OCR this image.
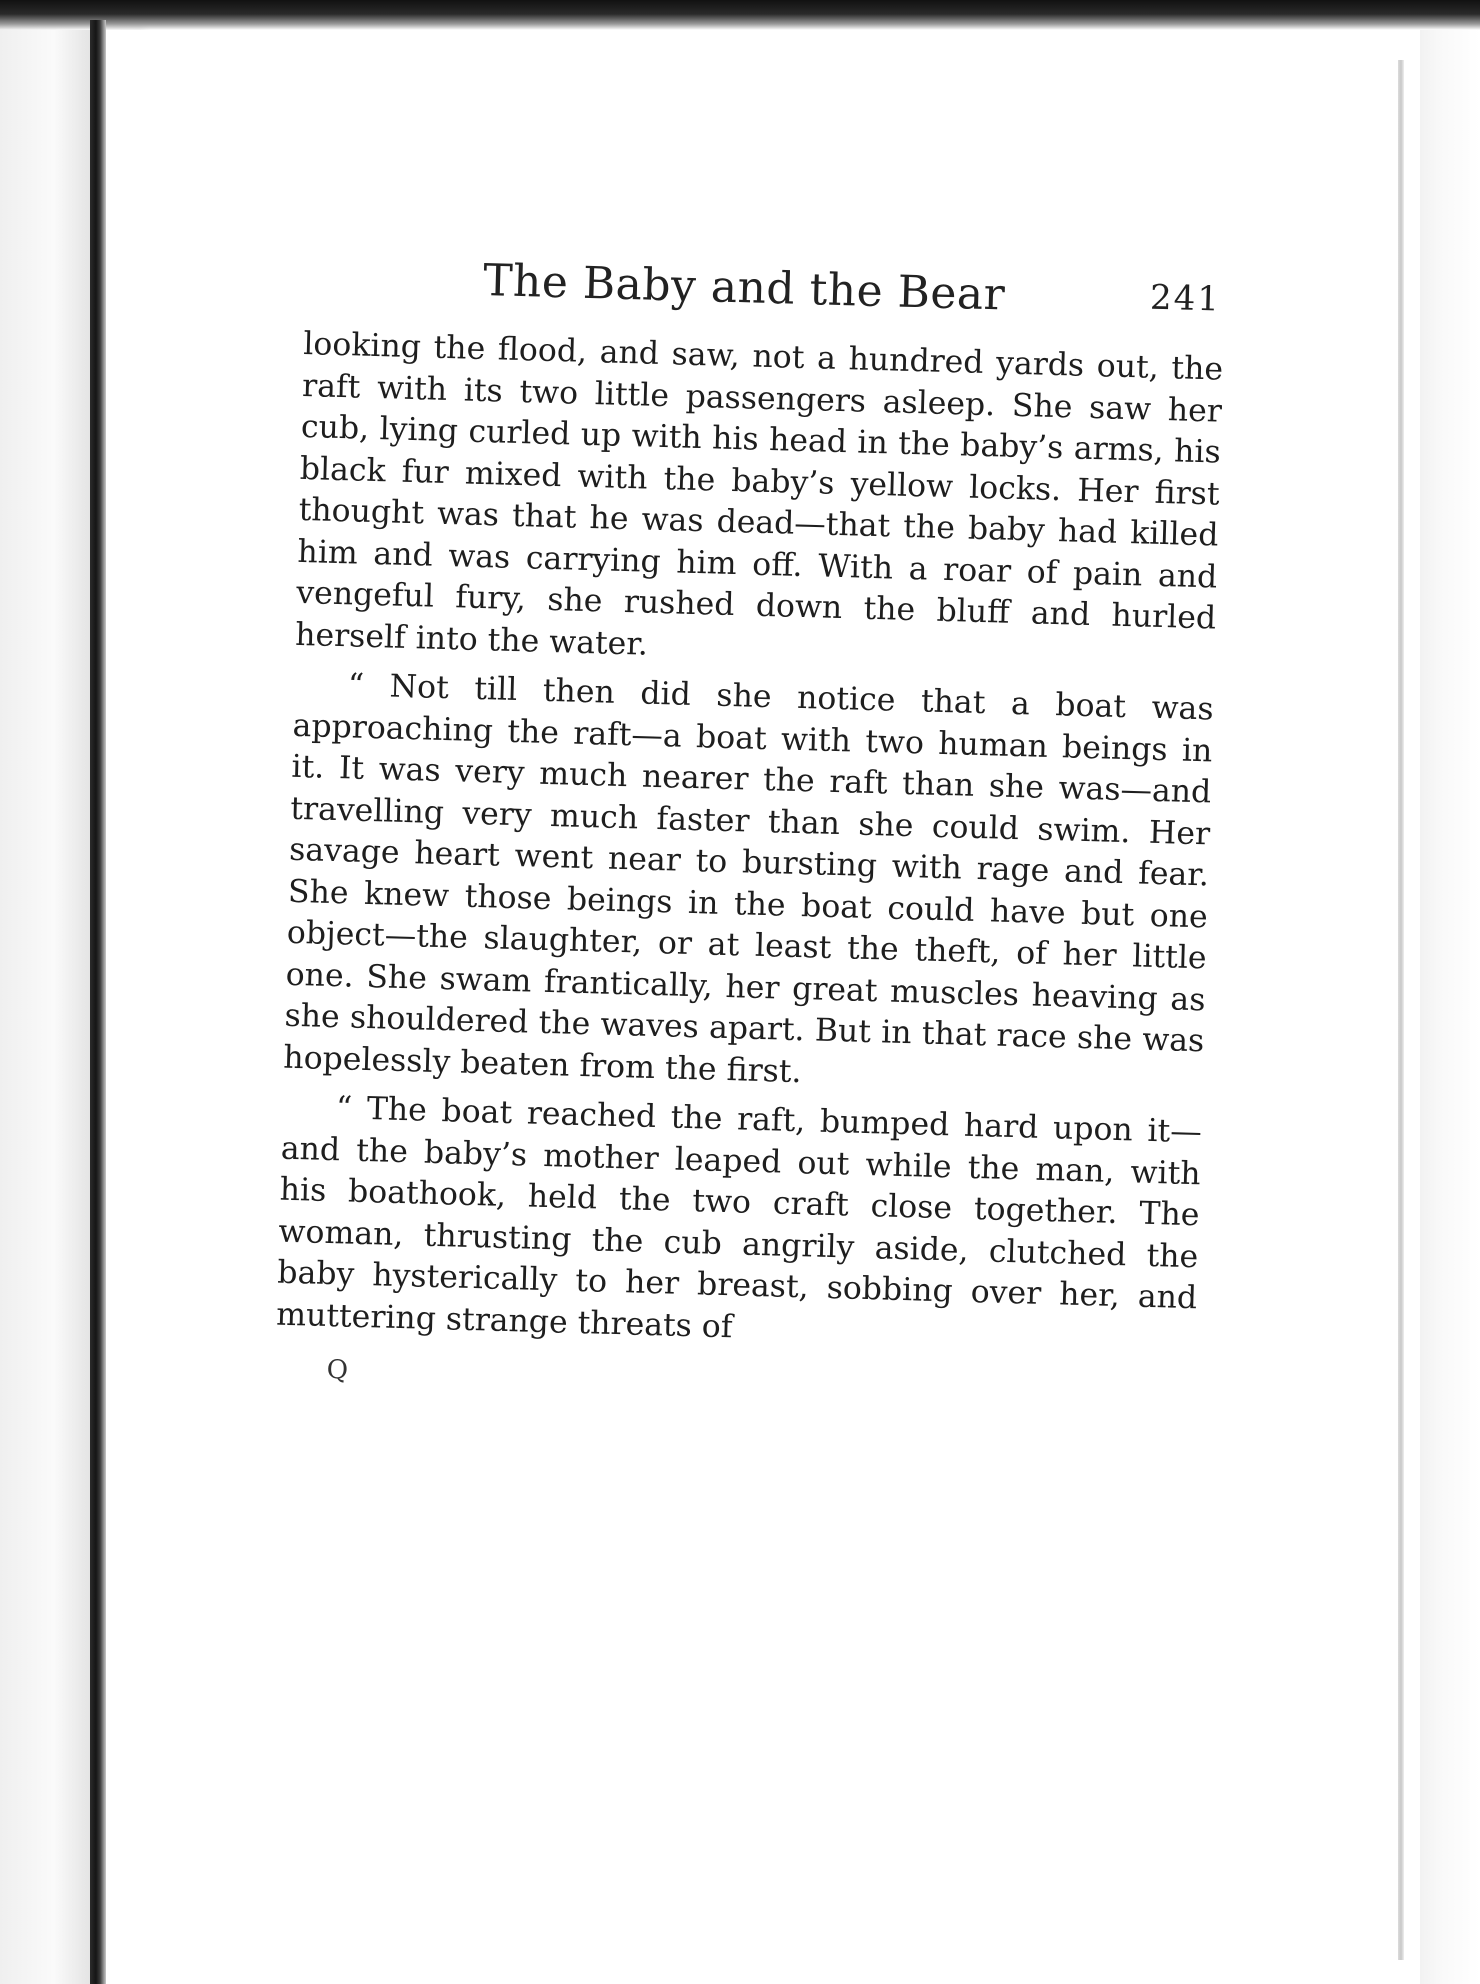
The Baby and the Bear	241

looking the flood, and saw, not a hundred yards out, the raft with its two little passengers asleep. She saw her cub, lying curled up with his head in the baby’s arms, his black fur mixed with the baby’s yellow locks. Her first thought was that he was dead—that the baby had killed him and was carrying him off. With a roar of pain and vengeful fury, she rushed down the bluff and hurled herself into the water.

“ Not till then did she notice that a boat was approaching the raft—a boat with two human beings in it. It was very much nearer the raft than she was—and travelling very much faster than she could swim. Her savage heart went near to bursting with rage and fear. She knew those beings in the boat could have but one object—the slaughter, or at least the theft, of her little one. She swam frantically, her great muscles heaving as she shouldered the waves apart. But in that race she was hopelessly beaten from the first.

“ The boat reached the raft, bumped hard upon it—and the baby’s mother leaped out while the man, with his boathook, held the two craft close together. The woman, thrusting the cub angrily aside, clutched the baby hysterically to her breast, sobbing over her, and muttering strange threats of

Q
